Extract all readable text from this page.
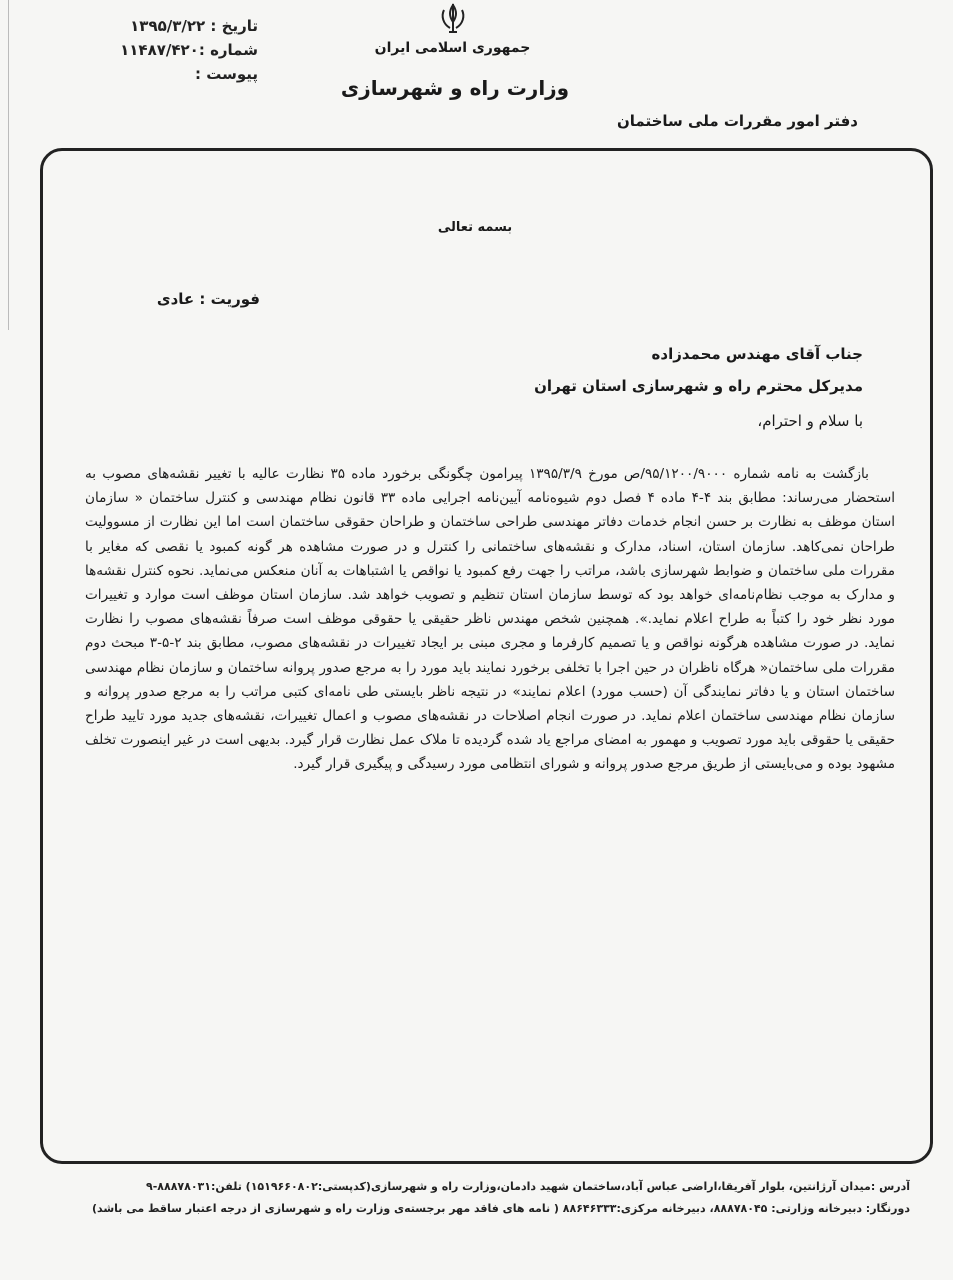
تاریخ : ۱۳۹۵/۳/۲۲
شماره :۱۱۴۸۷/۴۲۰
پیوست :
جمهوری اسلامی ایران
وزارت راه و شهرسازی
دفتر امور مقررات ملی ساختمان
بسمه تعالی
فوریت : عادی
جناب آقای مهندس محمدزاده
مدیرکل محترم راه و شهرسازی استان تهران
با سلام و احترام،
بازگشت به نامه شماره ۹۵/۱۲۰۰/۹۰۰۰/ص مورخ ۱۳۹۵/۳/۹ پیرامون چگونگی برخورد ماده ۳۵ نظارت عالیه با تغییر نقشه‌های مصوب به استحضار می‌رساند: مطابق بند ۴-۴ ماده ۴ فصل دوم شیوه‌نامه آیین‌نامه اجرایی ماده ۳۳ قانون نظام مهندسی و کنترل ساختمان « سازمان استان موظف به نظارت بر حسن انجام خدمات دفاتر مهندسی طراحی ساختمان و طراحان حقوقی ساختمان است اما این نظارت از مسوولیت طراحان نمی‌کاهد. سازمان استان، اسناد، مدارک و نقشه‌های ساختمانی را کنترل و در صورت مشاهده هر گونه کمبود یا نقصی که مغایر با مقررات ملی ساختمان و ضوابط شهرسازی باشد، مراتب را جهت رفع کمبود یا نواقص یا اشتباهات به آنان منعکس می‌نماید. نحوه کنترل نقشه‌ها و مدارک به موجب نظام‌نامه‌ای خواهد بود که توسط سازمان استان تنظیم و تصویب خواهد شد. سازمان استان موظف است موارد و تغییرات مورد نظر خود را کتباً به طراح اعلام نماید.». همچنین شخص مهندس ناظر حقیقی یا حقوقی موظف است صرفاً نقشه‌های مصوب را نظارت نماید. در صورت مشاهده هرگونه نواقص و یا تصمیم کارفرما و مجری مبنی بر ایجاد تغییرات در نقشه‌های مصوب، مطابق بند ۲-۵-۳ مبحث دوم مقررات ملی ساختمان« هرگاه ناظران در حین اجرا با تخلفی برخورد نمایند باید مورد را به مرجع صدور پروانه ساختمان و سازمان نظام مهندسی ساختمان استان و یا دفاتر نمایندگی آن (حسب مورد) اعلام نمایند» در نتیجه ناظر بایستی طی نامه‌ای کتبی مراتب را به مرجع صدور پروانه و سازمان نظام مهندسی ساختمان اعلام نماید. در صورت انجام اصلاحات در نقشه‌های مصوب و اعمال تغییرات، نقشه‌های جدید مورد تایید طراح حقیقی یا حقوقی باید مورد تصویب و مهمور به امضای مراجع یاد شده گردیده تا ملاک عمل نظارت قرار گیرد. بدیهی است در غیر اینصورت تخلف مشهود بوده و می‌بایستی از طریق مرجع صدور پروانه و شورای انتظامی مورد رسیدگی و پیگیری قرار گیرد.
آدرس :میدان آرژانتین، بلوار آفریقا،اراضی عباس آباد،ساختمان شهید دادمان،وزارت راه و شهرسازی(کدپستی:۱۵۱۹۶۶۰۸۰۲) تلفن:۸۸۸۷۸۰۳۱-۹
دورنگار: دبیرخانه وزارتی: ۸۸۸۷۸۰۴۵، دبیرخانه مرکزی:۸۸۶۴۶۳۳۳ ( نامه های فاقد مهر برجسته‌ی وزارت راه و شهرسازی از درجه اعتبار ساقط می باشد)
